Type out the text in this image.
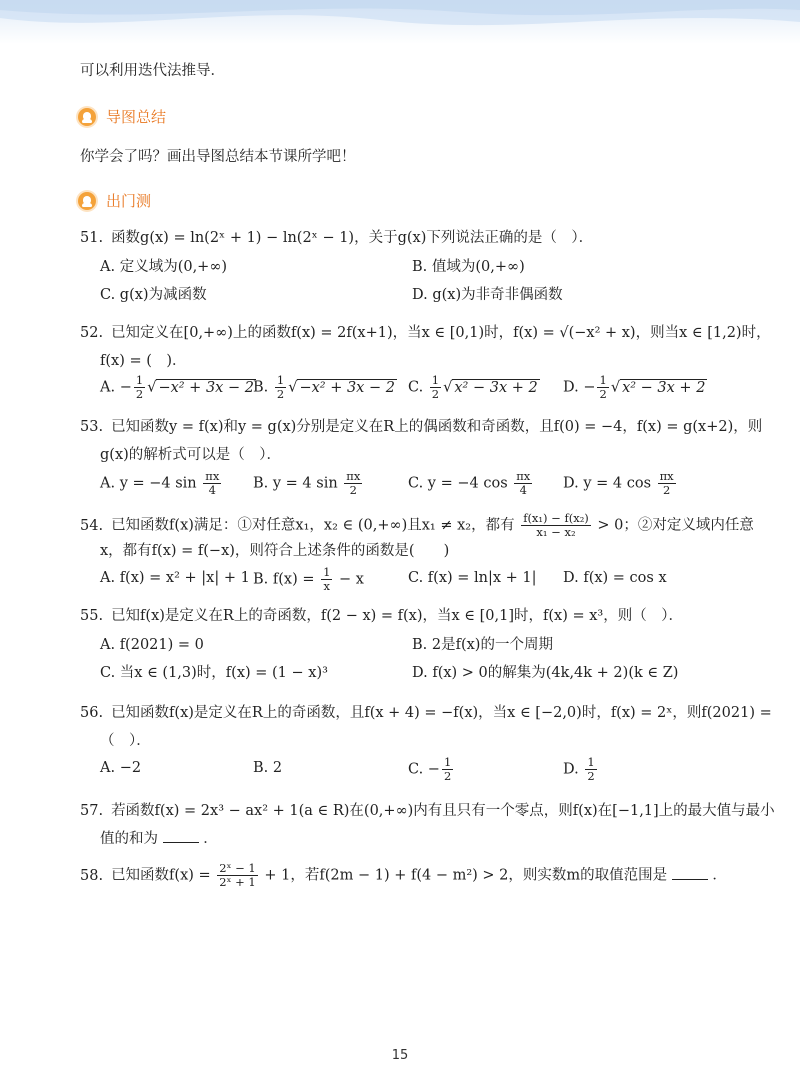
可以利用迭代法推导．
导图总结
你学会了吗？画出导图总结本节课所学吧！
出门测
51. 函数g(x) = ln(2ˣ + 1) − ln(2ˣ − 1)，关于g(x)下列说法正确的是（　）．
A. 定义域为(0,+∞)	B. 值域为(0,+∞)
C. g(x)为减函数	D. g(x)为非奇非偶函数
52. 已知定义在[0,+∞)上的函数f(x) = 2f(x+1)，当x ∈ [0,1)时，f(x) = √(−x² + x)，则当x ∈ [1,2)时，
f(x) = (　)．
A. − $\frac{1}{2}$ √ −x² + 3x − 2 B. $\frac{1}{2}$ √ −x² + 3x − 2 C. $\frac{1}{2}$ √ x² − 3x + 2 D. − $\frac{1}{2}$ √ x² − 3x + 2
53. 已知函数y = f(x)和y = g(x)分别是定义在R上的偶函数和奇函数，且f(0) = −4，f(x) = g(x+2)，则
g(x)的解析式可以是（　）．
A. y = −4 $\sin \frac{\pi x}{4} B$. y = 4 $\sin \frac{\pi x}{2}$	C. y = −4 $\cos \frac{\pi x}{4} D$. y = 4 $\cos \frac{\pi x}{2}$
54. 已知函数f(x)满足：①对任意x₁，x₂ ∈ (0,+∞)且x₁ ≠ x₂，都有 $\frac{\text{f(x₁) − f(x₂)}}{\text{x₁ − x₂}} > 0$；②对定义域内任意
x，都有f(x) = f(−x)，则符合上述条件的函数是(　　)
A. f(x) = x² + |x| + 1 B. $f(x) = \frac{1}{x} - x$	C. f(x) = ln|x + 1| D. f(x) = cos x
55. 已知f(x)是定义在R上的奇函数，f(2 − x) = f(x)，当x ∈ [0,1]时，f(x) = x³，则（　）．
A. f(2021) = 0	B. 2是f(x)的一个周期
C. 当x ∈ (1,3)时，f(x) = (1 − x)³	D. f(x) > 0的解集为(4k,4k + 2)(k ∈ Z)
56. 已知函数f(x)是定义在R上的奇函数，且f(x + 4) = −f(x)，当x ∈ [−2,0)时，f(x) = 2ˣ，则f(2021) =
（　）．
A. −2	B. 2	C. − $\frac{1}{2}$	D. $\frac{1}{2}$
57. 若函数f(x) = 2x³ − ax² + 1(a ∈ R)在(0,+∞)内有且只有一个零点，则f(x)在[−1,1]上的最大值与最小
值的和为	．
58. 已知函数$f(x) = \frac{\text{2ˣ − 1}}{\text{2ˣ + 1}} + 1$，若f(2m − 1) + f(4 − m²) > 2，则实数m的取值范围是	．
15
